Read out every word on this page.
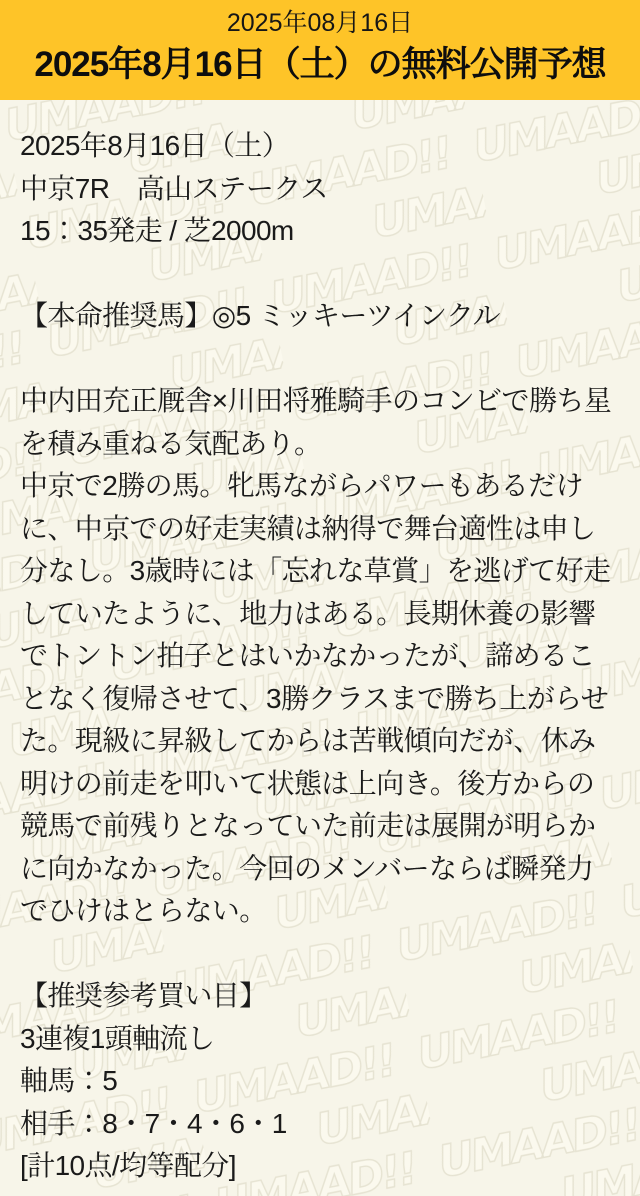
2025年08月16日
2025年8月16日（土）の無料公開予想
2025年8月16日（土）
中京7R　高山ステークス
15：35発走 / 芝2000m
【本命推奨馬】◎5 ミッキーツインクル

中内田充正厩舎×川田将雅騎手のコンビで勝ち星を積み重ねる気配あり。

中京で2勝の馬。牝馬ながらパワーもあるだけに、中京での好走実績は納得で舞台適性は申し分なし。3歳時には「忘れな草賞」を逃げて好走していたように、地力はある。長期休養の影響でトントン拍子とはいかなかったが、諦めることなく復帰させて、3勝クラスまで勝ち上がらせた。現級に昇級してからは苦戦傾向だが、休み明けの前走を叩いて状態は上向き。後方からの競馬で前残りとなっていた前走は展開が明らかに向かなかった。今回のメンバーならば瞬発力でひけはとらない。

【推奨参考買い目】
3連複1頭軸流し
軸馬：5
相手：8・7・4・6・1
[計10点/均等配分]
